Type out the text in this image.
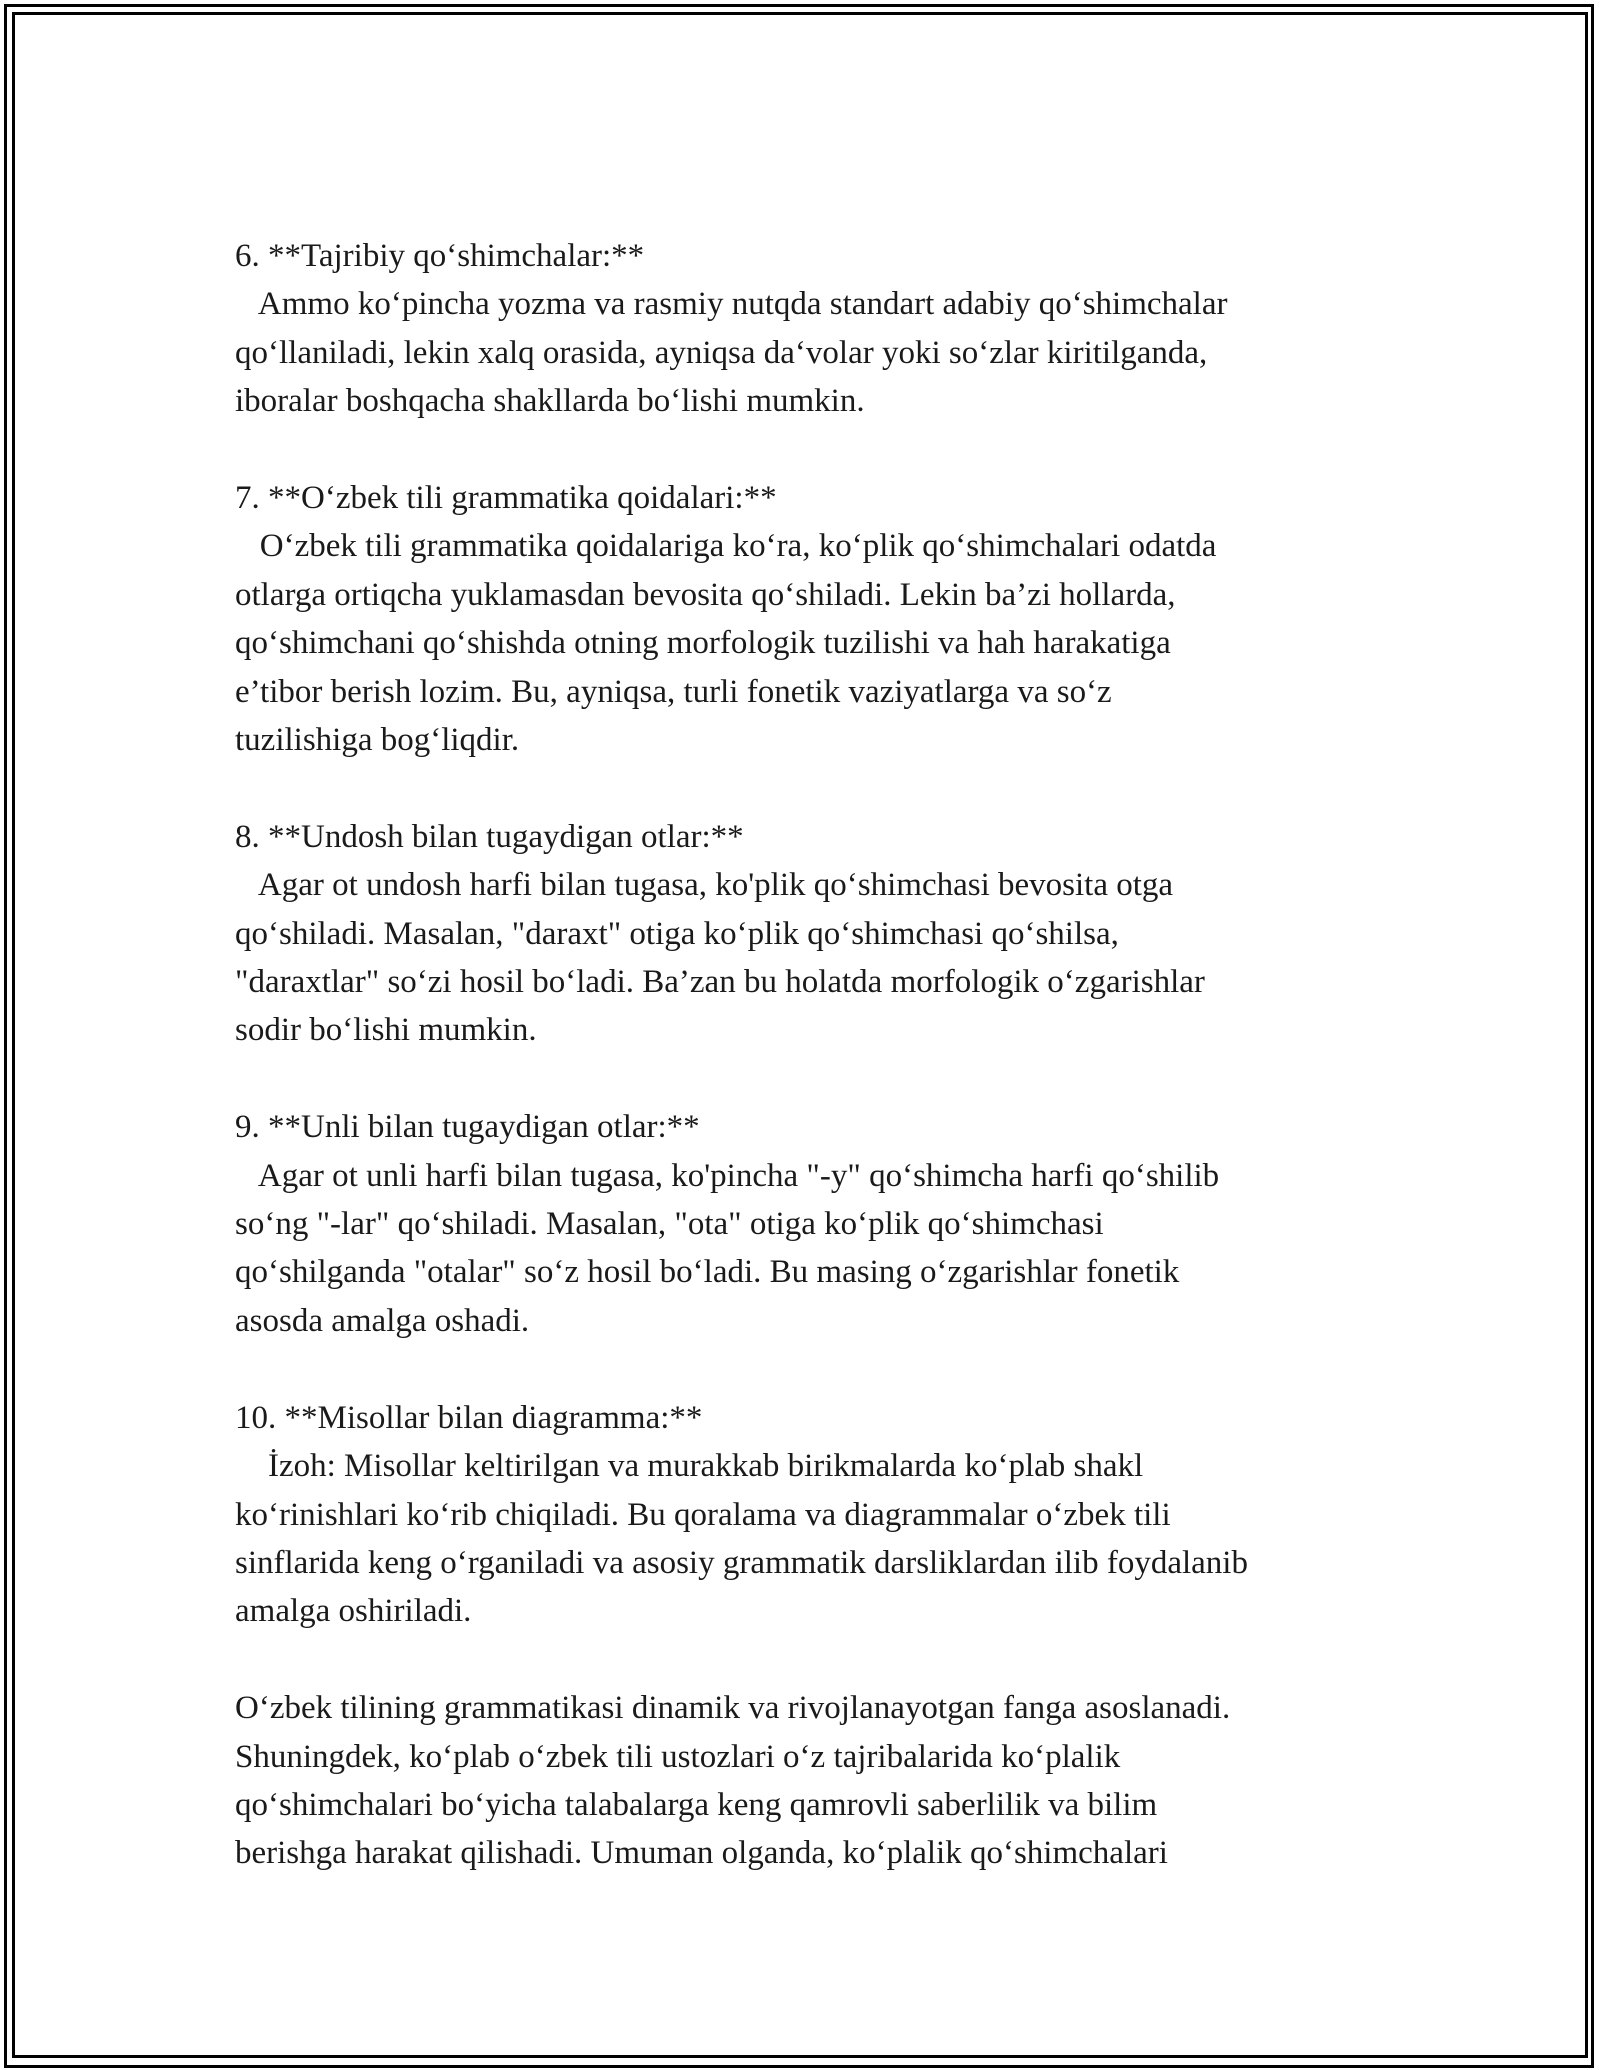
6. **Tajribiy qo‘shimchalar:**
Ammo ko‘pincha yozma va rasmiy nutqda standart adabiy qo‘shimchalar
qo‘llaniladi, lekin xalq orasida, ayniqsa da‘volar yoki so‘zlar kiritilganda,
iboralar boshqacha shakllarda bo‘lishi mumkin.
7. **O‘zbek tili grammatika qoidalari:**
O‘zbek tili grammatika qoidalariga ko‘ra, ko‘plik qo‘shimchalari odatda
otlarga ortiqcha yuklamasdan bevosita qo‘shiladi. Lekin ba’zi hollarda,
qo‘shimchani qo‘shishda otning morfologik tuzilishi va hah harakatiga
e’tibor berish lozim. Bu, ayniqsa, turli fonetik vaziyatlarga va so‘z
tuzilishiga bog‘liqdir.
8. **Undosh bilan tugaydigan otlar:**
Agar ot undosh harfi bilan tugasa, ko'plik qo‘shimchasi bevosita otga
qo‘shiladi. Masalan, "daraxt" otiga ko‘plik qo‘shimchasi qo‘shilsa,
"daraxtlar" so‘zi hosil bo‘ladi. Ba’zan bu holatda morfologik o‘zgarishlar
sodir bo‘lishi mumkin.
9. **Unli bilan tugaydigan otlar:**
Agar ot unli harfi bilan tugasa, ko'pincha "-y" qo‘shimcha harfi qo‘shilib
so‘ng "-lar" qo‘shiladi. Masalan, "ota" otiga ko‘plik qo‘shimchasi
qo‘shilganda "otalar" so‘z hosil bo‘ladi. Bu masing o‘zgarishlar fonetik
asosda amalga oshadi.
10. **Misollar bilan diagramma:**
İzoh: Misollar keltirilgan va murakkab birikmalarda ko‘plab shakl
ko‘rinishlari ko‘rib chiqiladi. Bu qoralama va diagrammalar o‘zbek tili
sinflarida keng o‘rganiladi va asosiy grammatik darsliklardan ilib foydalanib
amalga oshiriladi.
O‘zbek tilining grammatikasi dinamik va rivojlanayotgan fanga asoslanadi.
Shuningdek, ko‘plab o‘zbek tili ustozlari o‘z tajribalarida ko‘plalik
qo‘shimchalari bo‘yicha talabalarga keng qamrovli saberlilik va bilim
berishga harakat qilishadi. Umuman olganda, ko‘plalik qo‘shimchalari
